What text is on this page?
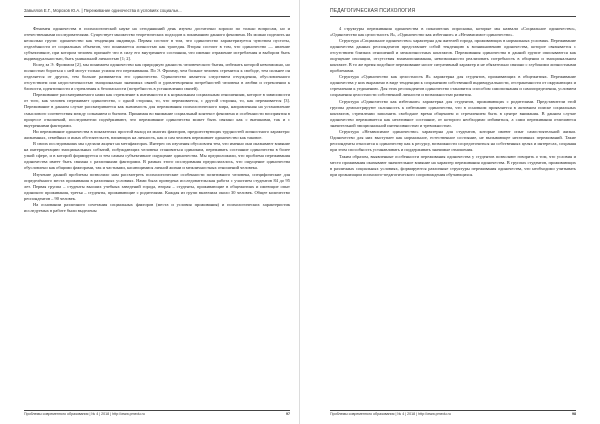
Завьялов Е.Г., Морозов Ю.А. | Переживание одиночества в условиях социальн...

Феномен одиночества в психологической науке на сегодняшний день изучен достаточно хорошо по только вопросам, но и отечественными исследователями. Существует множество теоретических подходов к пониманию данного феномена. Их можно поделить на несколько групп: одиночество как тенденция индивида. Первая состоит в том, что одиночество характеризуется чувством пустоты, отделённости от социальных объектов, что понимается личностью как трагедия. Вторая состоит в том, что одиночество — явление субъективное, при котором человек признаёт что в силу его внутреннего состояния, что именно отражение истребления и выбором быть индивидуальностью, быть уникальной личностью [1; 2].

Вслед за Э. Фроммом [2], мы понимаем одиночество как природную данность человеческого бытия, избежать которой невозможно, но полностью бороться с ней могут только усилия его переживания. По Э. Фромму, чем больше человек стремится к свободе, тем сильнее он отделяется от других, тем больше развивается его одиночество. Одиночество является следствием отчуждения, обусловленного отсутствием или недостаточностью эмоционально значимых связей и удовлетворения потребностей человека в любви и стремлении к близости, идентичности и стремления к безопасности (потребность в установлении связей).

Переживание рассматриваемого нами как стремление к интимности и к нормальным социальным отношениям, которое в зависимости от того, как человек переживает одиночество, с одной стороны, то, что переживается, с другой стороны, то, как переживается [3]. Переживание в данном случае рассматривается как значимость для переживания психологического мира, направленная на установление смыслового соответствия между сознанием и бытием. Принимая во внимание социальный контекст феномена и особенности восприятия в процессе отношений, исследователи подчёркивают, что переживание одиночества может быть связано как с внешними, так и с внутренними факторами.

Ни переживание одиночества в показателях простой выход из многих факторов, предшествующих трудностей личностного характера: жизненных, семейных и иных обстоятельств, влияющих на личность, как и сам человек переживает одиночество как таковое.

В своих исследованиях мы сделали акцент на метафакторах. Интерес их изучения обусловлен тем, что именно они оказывают влияние на интерпретацию эмоциональных событий, побуждающих человека становиться одиноким, переживать состояние одиночества в более узкой сфере, и в которой формируется и тем самым субъективное ощущение одиночества. Мы предположили, что проблема переживания одиночества имеет быть связана с различными факторами. В рамках этого исследования предполагалось, что ощущение одиночества обусловлено как общими факторами, так и частными, касающимися личной жизни и межличностных отношений человека.

Изучение данной проблемы позволило нам рассмотреть психологические особенности позитивного человека, специфические для определённого места проживания в различных условиях. Нами была проведена исследовательская работа с участием студентов 84 до 95 лет. Первая группа – студенты высших учебных заведений города, вторая – студенты, проживающие в общежитиях и имеющие опыт одинокого проживания, третья – студенты, проживающие с родителями. Каждая из групп включила около 30 человек. Общее количество респондентов – 90 человек.

На основании различного сочетания социальных факторов (места и условия проживания) и психологических характеристик исследуемых в работе были выделены

Проблемы современного образования | № 4 | 2018 | http://www.pmedu.ru	97
ПЕДАГОГИЧЕСКАЯ ПСИХОЛОГИЯ

4 структуры переживания одиночества в показателях опросника, которые мы назвали «Социальное одиночество», «Одиночество как целостность Я», «Одиночество как избегание» и «Независимое одиночество».

Структура «Социальное одиночество» характерна для жителей города, проживающих в нормальных условиях. Переживание одиночества данных респондентов представляет собой тенденцию к возникновению одиночества, которое связывается с отсутствием близких отношений и межличностных контактов. Переживания одиночества в данной группе описываются как ощущение изоляции, отсутствия взаимопонимания, невозможности реализовать потребность в общении и эмоциональном контакте. В то же время подобное переживание носит ситуативный характер и не обязательно связано с глубокими личностными проблемами.

Структура «Одиночество как целостность Я» характерна для студентов, проживающих в общежитиях. Переживание одиночества у них выражено в виде тенденции к сохранению собственной индивидуальности, отстраненности от окружающих и стремлении к уединению. Для этих респондентов одиночество становится способом самопознания и самоопределения, условием сохранения целостности собственной личности и возможностью развития.

Структура «Одиночество как избегание» характерна для студентов, проживающих с родителями. Представители этой группы демонстрируют склонность к избеганию одиночества, что в основном проявляется в активном поиске социальных контактов, стремлении заполнить свободное время общением и стремлением быть в центре внимания. В данном случае одиночество переживается как негативное состояние, от которого необходимо избавиться, а сами переживания отличаются значительной эмоциональной интенсивностью и тревожностью.

Структура «Независимое одиночество» характерна для студентов, которые имеют опыт самостоятельной жизни. Одиночество для них выступает как нормальное, естественное состояние, не вызывающее негативных переживаний. Такие респонденты относятся к одиночеству как к ресурсу, возможности сосредоточиться на собственных целях и интересах, сохраняя при этом способность устанавливать и поддерживать значимые отношения.

Таким образом, выявленные особенности переживания одиночества у студентов позволяют говорить о том, что условия и место проживания оказывают значительное влияние на характер переживания одиночества. В группах студентов, проживающих в различных социальных условиях, формируются различные структуры переживания одиночества, что необходимо учитывать при организации психолого-педагогического сопровождения обучающихся.

Проблемы современного образования | № 4 | 2018 | http://www.pmedu.ru	98
